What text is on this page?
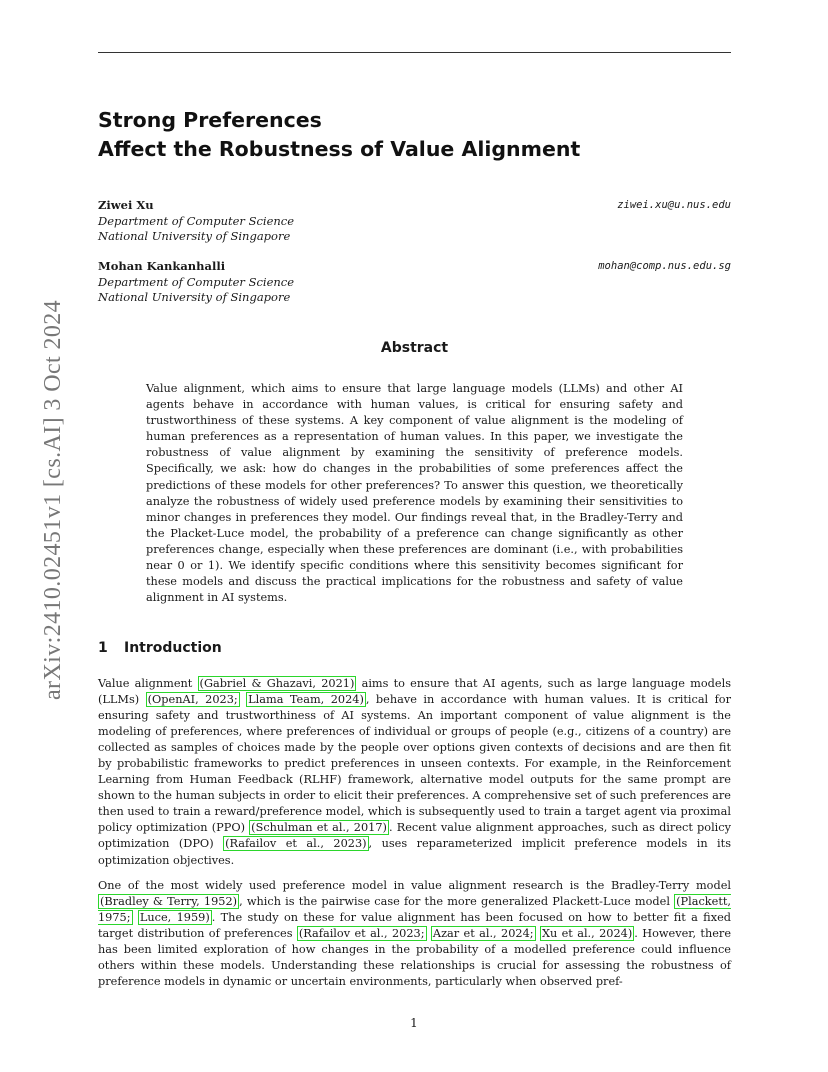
arXiv:2410.02451v1 [cs.AI] 3 Oct 2024
Strong Preferences
Affect the Robustness of Value Alignment
Ziwei Xu
Department of Computer Science
National University of Singapore
ziwei.xu@u.nus.edu
Mohan Kankanhalli
Department of Computer Science
National University of Singapore
mohan@comp.nus.edu.sg
Abstract

Value alignment, which aims to ensure that large language models (LLMs) and other AI agents behave in accordance with human values, is critical for ensuring safety and trustworthiness of these systems. A key component of value alignment is the modeling of human preferences as a representation of human values. In this paper, we investigate the robustness of value alignment by examining the sensitivity of preference models. Specifically, we ask: how do changes in the probabilities of some preferences affect the predictions of these models for other preferences? To answer this question, we theoretically analyze the robustness of widely used preference models by examining their sensitivities to minor changes in preferences they model. Our findings reveal that, in the Bradley-Terry and the Placket-Luce model, the probability of a preference can change significantly as other preferences change, especially when these preferences are dominant (i.e., with probabilities near 0 or 1). We identify specific conditions where this sensitivity becomes significant for these models and discuss the practical implications for the robustness and safety of value alignment in AI systems.

1 Introduction

Value alignment (Gabriel & Ghazavi, 2021) aims to ensure that AI agents, such as large language models (LLMs) (OpenAI, 2023; Llama Team, 2024) , behave in accordance with human values. It is critical for ensuring safety and trustworthiness of AI systems. An important component of value alignment is the modeling of preferences, where preferences of individual or groups of people (e.g., citizens of a country) are collected as samples of choices made by the people over options given contexts of decisions and are then fit by probabilistic frameworks to predict preferences in unseen contexts. For example, in the Reinforcement Learning from Human Feedback (RLHF) framework, alternative model outputs for the same prompt are shown to the human subjects in order to elicit their preferences. A comprehensive set of such preferences are then used to train a reward/preference model, which is subsequently used to train a target agent via proximal policy optimization (PPO) (Schulman et al., 2017) . Recent value alignment approaches, such as direct policy optimization (DPO) (Rafailov et al., 2023) , uses reparameterized implicit preference models in its optimization objectives.

One of the most widely used preference model in value alignment research is the Bradley-Terry model (Bradley & Terry, 1952) , which is the pairwise case for the more generalized Plackett-Luce model (Plackett, 1975; Luce, 1959) . The study on these for value alignment has been focused on how to better fit a fixed target distribution of preferences (Rafailov et al., 2023; Azar et al., 2024; Xu et al., 2024) . However, there has been limited exploration of how changes in the probability of a modelled preference could influence others within these models. Understanding these relationships is crucial for assessing the robustness of preference models in dynamic or uncertain environments, particularly when observed pref-

1
